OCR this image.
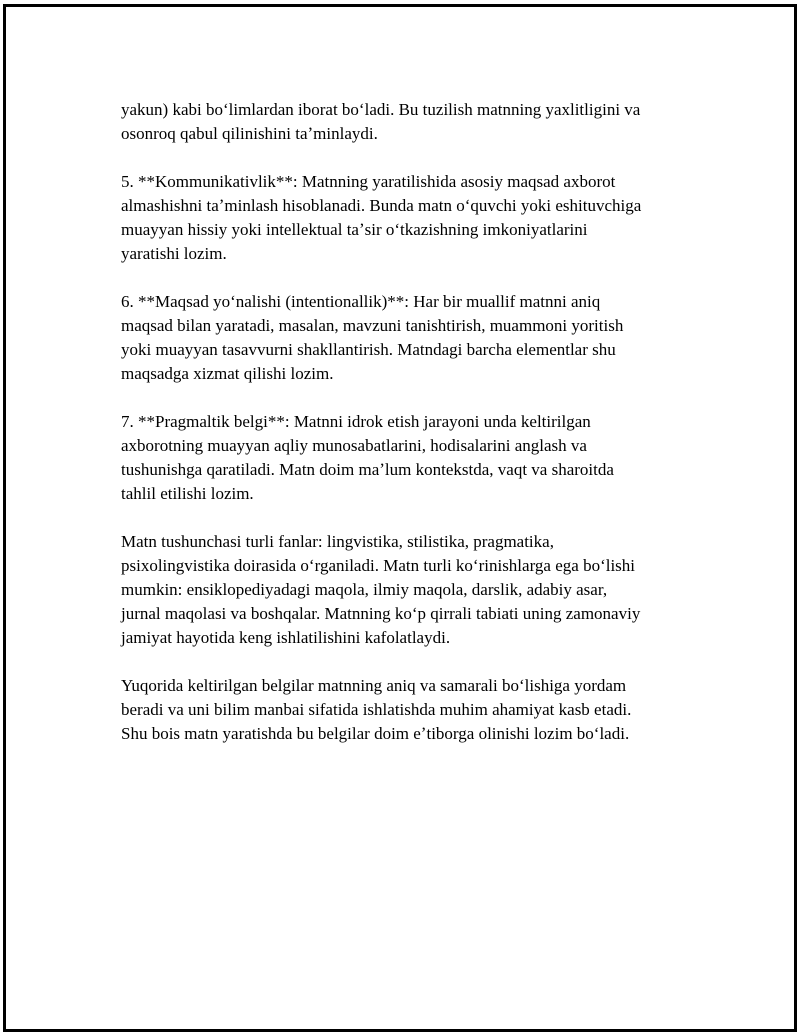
yakun) kabi boʻlimlardan iborat boʻladi. Bu tuzilish matnning yaxlitligini va
osonroq qabul qilinishini taʼminlaydi.

5. **Kommunikativlik**: Matnning yaratilishida asosiy maqsad axborot
almashishni taʼminlash hisoblanadi. Bunda matn oʻquvchi yoki eshituvchiga
muayyan hissiy yoki intellektual taʼsir oʻtkazishning imkoniyatlarini
yaratishi lozim.

6. **Maqsad yoʻnalishi (intentionallik)**: Har bir muallif matnni aniq
maqsad bilan yaratadi, masalan, mavzuni tanishtirish, muammoni yoritish
yoki muayyan tasavvurni shakllantirish. Matndagi barcha elementlar shu
maqsadga xizmat qilishi lozim.

7. **Pragmaltik belgi**: Matnni idrok etish jarayoni unda keltirilgan
axborotning muayyan aqliy munosabatlarini, hodisalarini anglash va
tushunishga qaratiladi. Matn doim maʼlum kontekstda, vaqt va sharoitda
tahlil etilishi lozim.

Matn tushunchasi turli fanlar: lingvistika, stilistika, pragmatika,
psixolingvistika doirasida oʻrganiladi. Matn turli koʻrinishlarga ega boʻlishi
mumkin: ensiklopediyadagi maqola, ilmiy maqola, darslik, adabiy asar,
jurnal maqolasi va boshqalar. Matnning koʻp qirrali tabiati uning zamonaviy
jamiyat hayotida keng ishlatilishini kafolatlaydi.

Yuqorida keltirilgan belgilar matnning aniq va samarali boʻlishiga yordam
beradi va uni bilim manbai sifatida ishlatishda muhim ahamiyat kasb etadi.
Shu bois matn yaratishda bu belgilar doim eʼtiborga olinishi lozim boʻladi.
